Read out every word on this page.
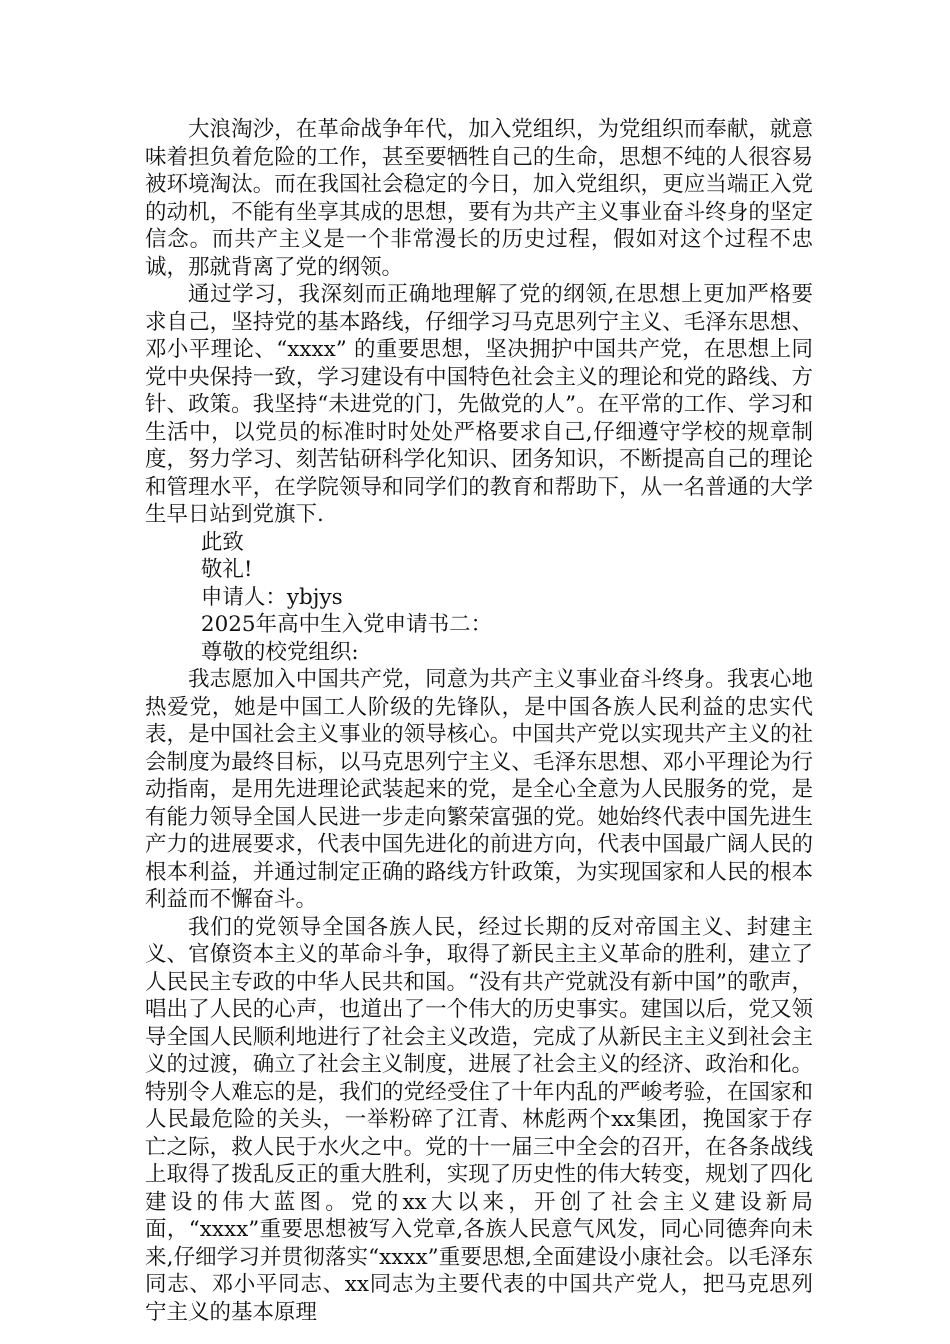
大浪淘沙，在革命战争年代，加入党组织，为党组织而奉献，就意味着担负着危险的工作，甚至要牺牲自己的生命，思想不纯的人很容易被环境淘汰。而在我国社会稳定的今日，加入党组织，更应当端正入党的动机，不能有坐享其成的思想，要有为共产主义事业奋斗终身的坚定信念。而共产主义是一个非常漫长的历史过程，假如对这个过程不忠诚，那就背离了党的纲领。

通过学习，我深刻而正确地理解了党的纲领,在思想上更加严格要求自己，坚持党的基本路线，仔细学习马克思列宁主义、毛泽东思想、邓小平理论、“xxxx” 的重要思想，坚决拥护中国共产党，在思想上同党中央保持一致，学习建设有中国特色社会主义的理论和党的路线、方针、政策。我坚持“未进党的门，先做党的人”。在平常的工作、学习和生活中，以党员的标准时时处处严格要求自己,仔细遵守学校的规章制度，努力学习、刻苦钻研科学化知识、团务知识，不断提高自己的理论和管理水平，在学院领导和同学们的教育和帮助下，从一名普通的大学生早日站到党旗下.

此致

敬礼!

申请人：ybjys

2025年高中生入党申请书二：

尊敬的校党组织:

我志愿加入中国共产党，同意为共产主义事业奋斗终身。我衷心地热爱党，她是中国工人阶级的先锋队，是中国各族人民利益的忠实代表，是中国社会主义事业的领导核心。中国共产党以实现共产主义的社会制度为最终目标，以马克思列宁主义、毛泽东思想、邓小平理论为行动指南，是用先进理论武装起来的党，是全心全意为人民服务的党，是有能力领导全国人民进一步走向繁荣富强的党。她始终代表中国先进生产力的进展要求，代表中国先进化的前进方向，代表中国最广阔人民的根本利益，并通过制定正确的路线方针政策，为实现国家和人民的根本利益而不懈奋斗。

我们的党领导全国各族人民，经过长期的反对帝国主义、封建主义、官僚资本主义的革命斗争，取得了新民主主义革命的胜利，建立了人民民主专政的中华人民共和国。“没有共产党就没有新中国”的歌声，唱出了人民的心声，也道出了一个伟大的历史事实。建国以后，党又领导全国人民顺利地进行了社会主义改造，完成了从新民主主义到社会主义的过渡，确立了社会主义制度，进展了社会主义的经济、政治和化。特别令人难忘的是，我们的党经受住了十年内乱的严峻考验，在国家和人民最危险的关头，一举粉碎了江青、林彪两个xx集团，挽国家于存亡之际，救人民于水火之中。党的十一届三中全会的召开，在各条战线上取得了拨乱反正的重大胜利，实现了历史性的伟大转变，规划了四化建设的伟大蓝图。党的xx大以来，开创了社会主义建设新局面，“xxxx”重要思想被写入党章,各族人民意气风发，同心同德奔向未来,仔细学习并贯彻落实“xxxx”重要思想,全面建设小康社会。以毛泽东同志、邓小平同志、xx同志为主要代表的中国共产党人，把马克思列宁主义的基本原理
